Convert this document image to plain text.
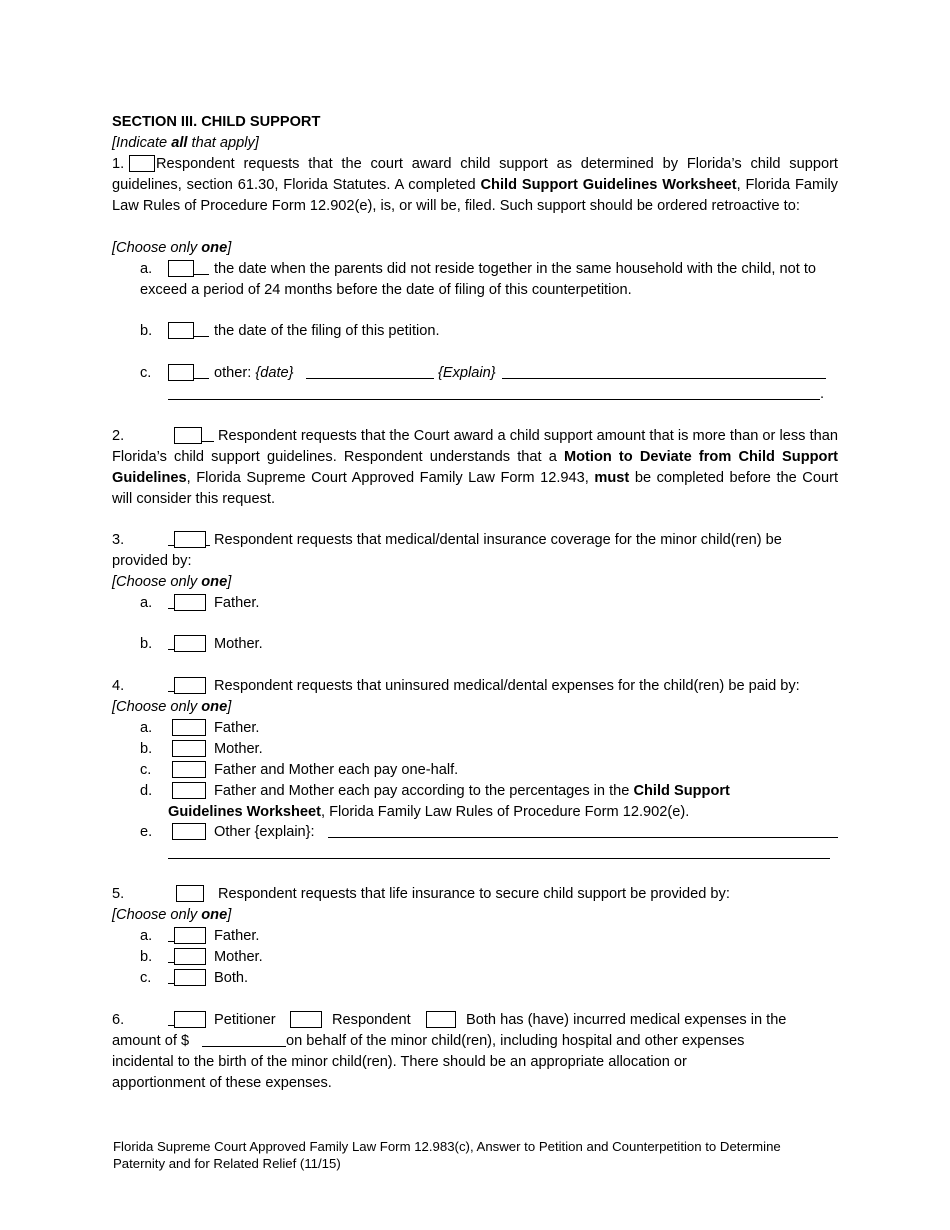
SECTION III. CHILD SUPPORT
[Indicate all that apply]
Respondent requests that the court award child support as determined by Florida’s child support guidelines, section 61.30, Florida Statutes. A completed Child Support Guidelines Worksheet, Florida Family Law Rules of Procedure Form 12.902(e), is, or will be, filed. Such support should be ordered retroactive to:
1.
[Choose only one]
a.	the date when the parents did not reside together in the same household with the child, not to exceed a period of 24 months before the date of filing of this counterpetition.
b.	the date of the filing of this petition.
c.	other: {date}	{Explain}
.
Respondent requests that the Court award a child support amount that is more than or less than Florida’s child support guidelines. Respondent understands that a Motion to Deviate from Child Support Guidelines, Florida Supreme Court Approved Family Law Form 12.943, must be completed before the Court will consider this request.
2.
Respondent requests that medical/dental insurance coverage for the minor child(ren) be provided by:
3.
[Choose only one]
a.	Father.
b.	Mother.
Respondent requests that uninsured medical/dental expenses for the child(ren) be paid by: [Choose only one]
4.
a.	Father.
b.	Mother.
c.	Father and Mother each pay one-half.
d.	Father and Mother each pay according to the percentages in the Child Support Guidelines Worksheet, Florida Family Law Rules of Procedure Form 12.902(e).
e.	Other {explain}:
5.	Respondent requests that life insurance to secure child support be provided by:
[Choose only one]
a.	Father.
b.	Mother.
c.	Both.
6.	Petitioner	Respondent	Both has (have) incurred medical expenses in the
amount of $	on behalf of the minor child(ren), including hospital and other expenses
incidental to the birth of the minor child(ren). There should be an appropriate allocation or
apportionment of these expenses.
Florida Supreme Court Approved Family Law Form 12.983(c), Answer to Petition and Counterpetition to Determine
Paternity and for Related Relief (11/15)
